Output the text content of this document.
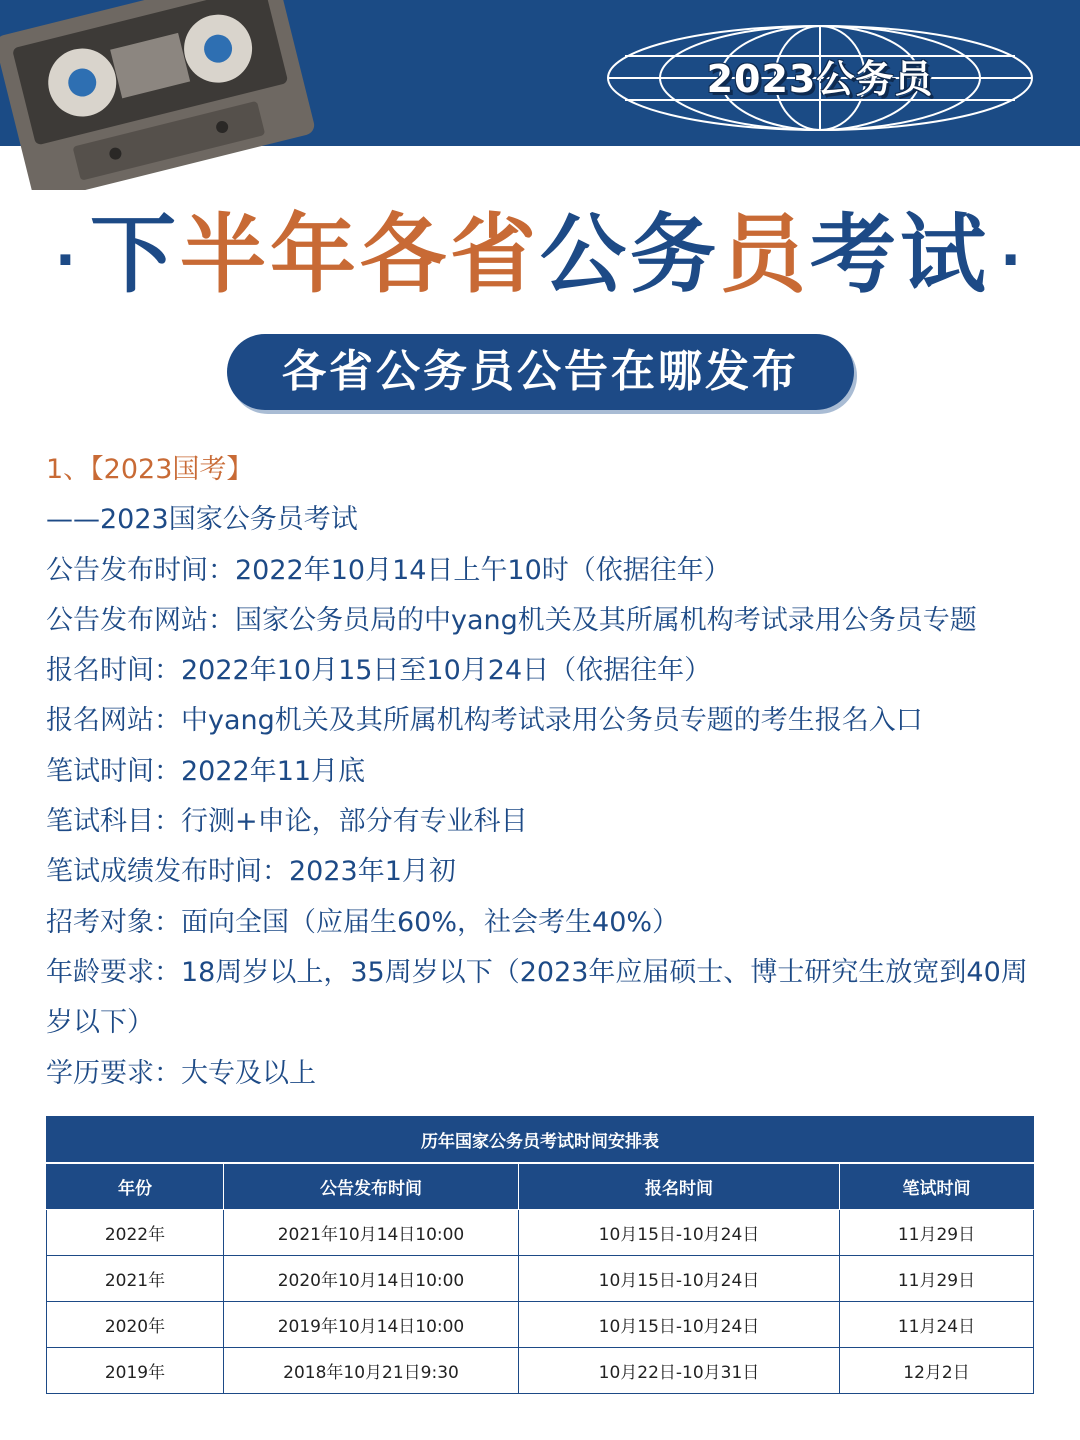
2023公务员
· 下半年各省公务员考试 ·
各省公务员公告在哪发布
1、【2023国考】
——2023国家公务员考试
公告发布时间：2022年10月14日上午10时（依据往年）
公告发布网站：国家公务员局的中yang机关及其所属机构考试录用公务员专题
报名时间：2022年10月15日至10月24日（依据往年）
报名网站：中yang机关及其所属机构考试录用公务员专题的考生报名入口
笔试时间：2022年11月底
笔试科目：行测+申论，部分有专业科目
笔试成绩发布时间：2023年1月初
招考对象：面向全国（应届生60%，社会考生40%）
年龄要求：18周岁以上，35周岁以下（2023年应届硕士、博士研究生放宽到40周岁以下）
学历要求：大专及以上
历年国家公务员考试时间安排表			
年份	公告发布时间	报名时间	笔试时间
2022年	2021年10月14日10:00	10月15日-10月24日	11月29日
2021年	2020年10月14日10:00	10月15日-10月24日	11月29日
2020年	2019年10月14日10:00	10月15日-10月24日	11月24日
2019年	2018年10月21日9:30	10月22日-10月31日	12月2日
